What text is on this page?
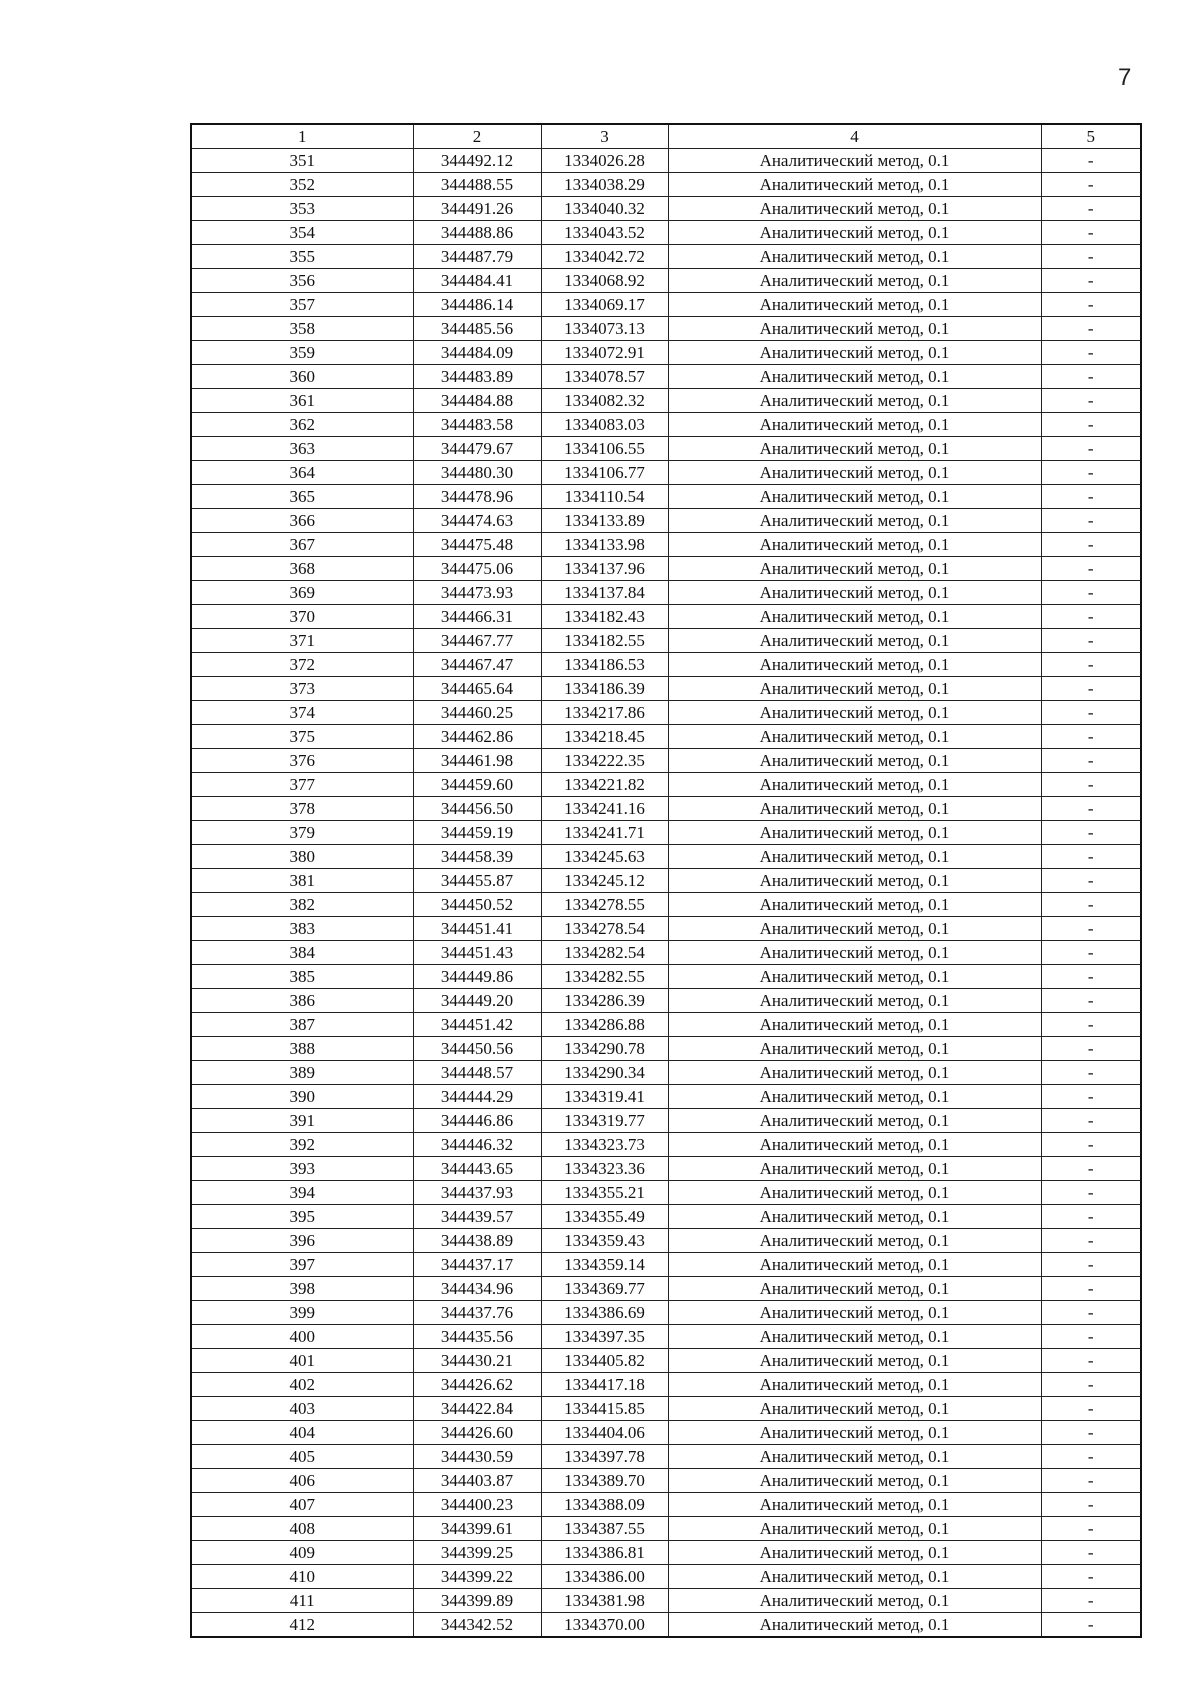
7
1	2	3	4	5
351	344492.12	1334026.28	Аналитический метод, 0.1	-
352	344488.55	1334038.29	Аналитический метод, 0.1	-
353	344491.26	1334040.32	Аналитический метод, 0.1	-
354	344488.86	1334043.52	Аналитический метод, 0.1	-
355	344487.79	1334042.72	Аналитический метод, 0.1	-
356	344484.41	1334068.92	Аналитический метод, 0.1	-
357	344486.14	1334069.17	Аналитический метод, 0.1	-
358	344485.56	1334073.13	Аналитический метод, 0.1	-
359	344484.09	1334072.91	Аналитический метод, 0.1	-
360	344483.89	1334078.57	Аналитический метод, 0.1	-
361	344484.88	1334082.32	Аналитический метод, 0.1	-
362	344483.58	1334083.03	Аналитический метод, 0.1	-
363	344479.67	1334106.55	Аналитический метод, 0.1	-
364	344480.30	1334106.77	Аналитический метод, 0.1	-
365	344478.96	1334110.54	Аналитический метод, 0.1	-
366	344474.63	1334133.89	Аналитический метод, 0.1	-
367	344475.48	1334133.98	Аналитический метод, 0.1	-
368	344475.06	1334137.96	Аналитический метод, 0.1	-
369	344473.93	1334137.84	Аналитический метод, 0.1	-
370	344466.31	1334182.43	Аналитический метод, 0.1	-
371	344467.77	1334182.55	Аналитический метод, 0.1	-
372	344467.47	1334186.53	Аналитический метод, 0.1	-
373	344465.64	1334186.39	Аналитический метод, 0.1	-
374	344460.25	1334217.86	Аналитический метод, 0.1	-
375	344462.86	1334218.45	Аналитический метод, 0.1	-
376	344461.98	1334222.35	Аналитический метод, 0.1	-
377	344459.60	1334221.82	Аналитический метод, 0.1	-
378	344456.50	1334241.16	Аналитический метод, 0.1	-
379	344459.19	1334241.71	Аналитический метод, 0.1	-
380	344458.39	1334245.63	Аналитический метод, 0.1	-
381	344455.87	1334245.12	Аналитический метод, 0.1	-
382	344450.52	1334278.55	Аналитический метод, 0.1	-
383	344451.41	1334278.54	Аналитический метод, 0.1	-
384	344451.43	1334282.54	Аналитический метод, 0.1	-
385	344449.86	1334282.55	Аналитический метод, 0.1	-
386	344449.20	1334286.39	Аналитический метод, 0.1	-
387	344451.42	1334286.88	Аналитический метод, 0.1	-
388	344450.56	1334290.78	Аналитический метод, 0.1	-
389	344448.57	1334290.34	Аналитический метод, 0.1	-
390	344444.29	1334319.41	Аналитический метод, 0.1	-
391	344446.86	1334319.77	Аналитический метод, 0.1	-
392	344446.32	1334323.73	Аналитический метод, 0.1	-
393	344443.65	1334323.36	Аналитический метод, 0.1	-
394	344437.93	1334355.21	Аналитический метод, 0.1	-
395	344439.57	1334355.49	Аналитический метод, 0.1	-
396	344438.89	1334359.43	Аналитический метод, 0.1	-
397	344437.17	1334359.14	Аналитический метод, 0.1	-
398	344434.96	1334369.77	Аналитический метод, 0.1	-
399	344437.76	1334386.69	Аналитический метод, 0.1	-
400	344435.56	1334397.35	Аналитический метод, 0.1	-
401	344430.21	1334405.82	Аналитический метод, 0.1	-
402	344426.62	1334417.18	Аналитический метод, 0.1	-
403	344422.84	1334415.85	Аналитический метод, 0.1	-
404	344426.60	1334404.06	Аналитический метод, 0.1	-
405	344430.59	1334397.78	Аналитический метод, 0.1	-
406	344403.87	1334389.70	Аналитический метод, 0.1	-
407	344400.23	1334388.09	Аналитический метод, 0.1	-
408	344399.61	1334387.55	Аналитический метод, 0.1	-
409	344399.25	1334386.81	Аналитический метод, 0.1	-
410	344399.22	1334386.00	Аналитический метод, 0.1	-
411	344399.89	1334381.98	Аналитический метод, 0.1	-
412	344342.52	1334370.00	Аналитический метод, 0.1	-
